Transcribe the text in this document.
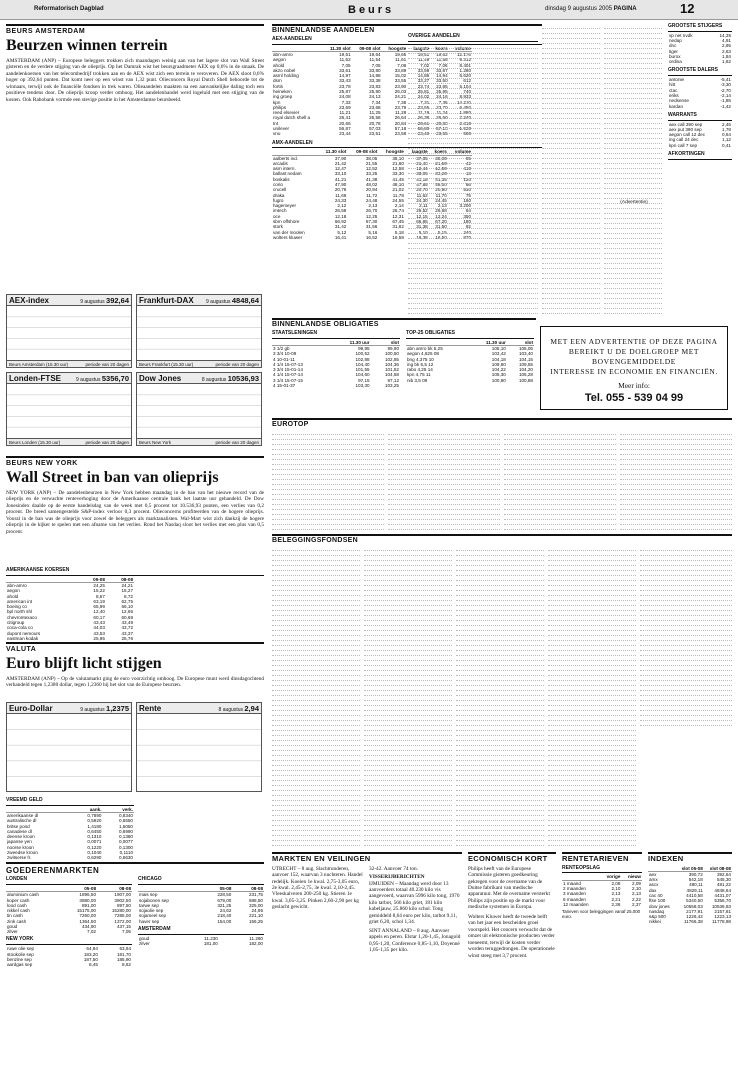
Reformatorisch Dagblad	Beurs	dinsdag 9 augustus 2005 PAGINA	12
BEURS AMSTERDAM
Beurzen winnen terrein
AMSTERDAM (ANP) – Europese beleggers trokken zich maandagen weinig aan van het lagere slot van Wall Street gisteren en de verdere stijging van de olieprijs. Op het Damrak wist het beursgraadmeter AEX op 0,6% in de smaak. De aandelenkoersen van het telecombedrijf trokken aan en de AEX wist zich een terrein te veroveren. De AEX sloot 0,6% hoger op 392,64 punten. Dat komt neer op een winst van 1,32 punt. Olieconcern Royal Dutch Shell behoorde tot de winnaars, terwijl ook de financiële fondsen in trek waren. Olieaandelen maakten na een aanvankelijke daling toch een positieve tendens door. De olieprijs kroop verder omhoog. Het aandelenhandel werd ingeluid met een stijging van de kosten. Ook Rabobank vormde een stevige positie in het Amsterdamse beursbeeld.
AEX-index	9 augustus 392,64
Beurs Amsterdam (15.30 uur)	periode van 20 dagen
Frankfurt-DAX 9 augustus 4848,64
Beurs Frankfurt (15.30 uur)	periode van 20 dagen
Londen-FTSE	9 augustus 5356,70
Beurs Londen (15.30 uur)	periode van 20 dagen
Dow Jones	8 augustus 10536,93
Beurs New York	periode van 20 dagen
BEURS NEW YORK
Wall Street in ban van olieprijs
NEW YORK (ANP) – De aandelenbeurzen in New York hebben maandag in de ban van het nieuwe record van de olieprijs en de verwachte renteverhoging door de Amerikaanse centrale bank het laatste uur gehandeld. De Dow Jonesindex daalde op de eerste handelsdag van de week met 0,5 procent tot 10.536,93 punten, een verlies van 0,2 procent. De breed samengestelde S&P-index verloor 0,3 procent. Olieconcerns profiteerden van de hogere olieprijs. Vooral in de ban was de olieprijs voor zowel de beleggers als marktanalisten. Wal-Mart wist zich dankzij de hogere olieprijs in de kijker te spelen met een afname van het verlies. Rond het Nasdaq sloot het verlies met een plus van 0,5 procent.
AMERIKAANSE KOERSEN
	05-08	08-08
abn-amro	24,25	24,21
aegon	15,22	15,27
ahold	8,67	8,72
american int	63,19	62,75
boeing co	65,99	66,10
bpl north shl	12,40	12,65
chevrontexaco	60,17	60,68
citigroup	43,43	43,49
coca-cola co	44,03	43,72
dupont nemours	43,53	43,37
eastman kodak	25,95	25,76
VALUTA
Euro blijft licht stijgen
AMSTERDAM (ANP) – Op de valutamarkt ging de euro voorzichtig omhoog. De Europese munt werd dinsdagochtend verhandeld tegen 1,2380 dollar, tegen 1,2360 bij het slot van de Europese beurzen.
Euro-Dollar	9 augustus 1,2375 Rente	8 augustus 2,94
VREEMD GELD
	aank.	verk.
amerikaanse dl	0,7890	0,8340
australische dl	0,5920	0,6550
britse pond	1,4180	1,5050
canadese dl	0,6450	0,6990
deense kroon	0,1310	0,1380
japanse yen	0,0071	0,0077
noorse kroon	0,1220	0,1300
zweedse kroon	0,1040	0,1110
zwitserse fr.	0,6290	0,6630
GOEDERENMARKTEN
LONDEN
	05-08	08-08
aluminium cash	1896,50	1907,00
koper cash	3880,00	3902,50
lood cash	891,00	897,50
nikkel cash	15175,00	15280,00
tin cash	7260,00	7285,00
zink cash	1364,50	1372,00
goud	434,90	437,15
zilver	7,02	7,05
NEW YORK
ruwe olie sep	64,94	63,94
stookolie sep	183,20	181,70
benzine sep	187,50	185,90
aardgas sep	8,45	8,62
CHICAGO
	05-08	08-08
mais sep	228,50	231,75
sojabonen sep	679,00	688,50
tarwe sep	321,25	325,00
sojaolie sep	24,62	24,95
sojameel sep	218,40	221,10
haver sep	154,00	156,25
AMSTERDAM
goud	11.230	11.260
zilver	181,00	182,00
BINNENLANDSE AANDELEN
AEX-AANDELEN
	11.30 slot	09-08 slot	hoogste	laagste	koers	volume
abn-amro	19,51	19,64	19,65	19,51	19,62	12.176
aegon	11,52	11,54	11,61	11,49	11,56	9.312
ahold	7,05	7,05	7,08	7,02	7,06	8.401
akzo nobel	33,61	33,80	33,89	33,59	33,87	1.280
asml holding	14,97	14,88	15,02	14,86	14,94	6.620
dsm	33,43	33,38	33,55	33,27	33,50	612
fortis	23,78	23,83	23,90	23,74	23,85	5.104
heineken	25,87	25,90	26,03	25,81	25,95	740
ing groep	24,08	24,13	24,21	24,02	24,16	8.933
kpn	7,33	7,34	7,38	7,31	7,35	14.210
philips	23,59	23,68	23,79	23,55	23,70	6.450
reed elsevier	11,21	11,25	11,28	11,19	11,24	1.880
royal dutch shell a	26,41	26,58	26,64	26,38	26,60	7.240
tnt	20,66	20,78	20,84	20,61	20,80	2.310
unilever	56,87	57,03	57,18	56,80	57,10	1.920
vnu	23,44	23,51	23,58	23,40	23,55	980
AMX-AANDELEN
	11.30 slot	09-08 slot	hoogste	laagste	koers	volume
aalberts ind.	37,90	38,05	38,10	37,85	38,00	95
arcadis	21,42	21,55	21,60	21,40	21,50	42
asm intern.	12,47	12,52	12,58	12,44	12,50	410
ballast nedam	33,10	33,25	33,30	33,05	33,20	18
boskalis	41,21	41,38	41,45	41,18	41,35	120
corio	47,90	48,02	48,10	47,85	48,00	86
crucell	20,76	20,94	21,02	20,70	20,90	530
draka	11,66	11,72	11,78	11,62	11,70	75
fugro	24,33	24,48	24,55	24,30	24,45	160
hagemeyer	2,12	2,13	2,14	2,11	2,13	3.200
imtech	26,58	26,70	26,74	26,52	26,68	64
oce	12,18	12,25	12,31	12,15	12,24	350
sbm offshore	66,92	67,30	67,45	66,85	67,20	180
stork	31,42	31,56	31,62	31,38	31,50	92
van der moolen	5,12	5,16	5,18	5,10	5,15	240
wolters kluwer	16,41	16,52	16,58	16,38	16,50	870
OVERIGE AANDELEN
(Advertentie)
GROOTSTE STIJGERS
vp net nvdk	14,35
nedap	4,91
dnc	2,85
tiger	2,63
burox	1,84
ordina	1,62
GROOTSTE DALERS
antonie	-5,41
hitt	-3,30
ctac	-2,70
eriks	-2,14
nedsense	-1,85
kardan	-1,42
WARRANTS
aex call 390 sep	2,45
aex put 390 sep	1,78
aegon call 12 dec	0,64
ing call 24 dec	1,12
kpn call 7 sep	0,41
AFKORTINGEN
BINNENLANDSE OBLIGATIES
STAATSLENINGEN
	11.30 uur	slot
3 1/2 gb	99,95	99,90
3 3/4 10-09	100,52	100,50
4 10-01-11	102,88	102,85
4 1/4 15-07-13	104,40	104,36
3 3/4 15-01-14	101,55	101,52
4 1/4 15-07-14	104,60	104,58
3 1/4 15-07-15	97,15	97,12
4 15-01-37	103,30	103,25
TOP-25 OBLIGATIES
	11.30 uur	slot
abn amro bk 5,25	105,10	105,05
aegon 4,625 08	103,42	103,40
bng 4,375 10	104,18	104,15
ing bk 5,5 12	109,60	109,55
rabo 4,25 14	104,22	104,20
kpn 4,75 11	105,30	105,28
nib 3,5 09	100,90	100,88
MET EEN ADVERTENTIE OP DEZE PAGINA
BEREIKT U DE DOELGROEP MET BOVENGEMIDDELDE
INTERESSE IN ECONOMIE EN FINANCIËN.
Meer info:
Tel. 055 - 539 04 99
EUROTOP
BELEGGINGSFONDSEN
MARKTEN EN VEILINGEN

UTRECHT – 8 aug. Slachtrunderen, aanvoer 152, waarvan 3 nuchteren. Handel redelijk. Koeien 1e kwal. 2,75-3,05 euro, 2e kwal. 2,45-2,75, 3e kwal. 2,10-2,45. Vleeskalveren 200-250 kg. Stieren 1e kwal. 3,05-3,25. Pinken 2,60-2,90 per kg geslacht gewicht.

32-42. Aanvoer 74 ton.

VISSERIJBERICHTEN

IJMUIDEN – Maandag werd door 13 aanvoerders totaal 40.230 kilo vis aangevoerd, waarvan 5996 kilo tong, 1970 kilo tarbot, 566 kilo griet, 181 kilo kabeljauw, 25.860 kilo schol. Tong gemiddeld 8,64 euro per kilo, tarbot 9,11, griet 6,20, schol 1,34.

SINT ANNALAND – 8 aug. Aanvoer appels en peren. Elstar 1,20-1,45, Jonagold 0,95-1,20, Conference 0,85-1,10, Doyenné 1,05-1,35 per kilo.

ECONOMISCH KORT

Philips heeft van de Europese Commissie gisteren goedkeuring gekregen voor de overname van de Duitse fabrikant van medische apparatuur. Met de overname versterkt Philips zijn positie op de markt voor medische systemen in Europa.

Wolters Kluwer heeft de tweede helft van het jaar een bescheiden groei voorspeld. Het concern verwacht dat de omzet uit elektronische producten verder toeneemt, terwijl de kosten verder worden teruggedrongen. De operationele winst steeg met 3,7 procent.

RENTETARIEVEN
RENTEOPSLAG
	vorige	nieuw
1 maand	2,08	2,09
2 maanden	2,10	2,10
3 maanden	2,13	2,13
6 maanden	2,21	2,22
12 maanden	2,36	2,37
Tarieven voor beleggingen vanaf 25.000 euro.
INDEXEN
	slot 05-08	slot 08-08
aex	390,72	392,64
amx	542,18	545,30
ascx	480,11	481,22
dax	4829,11	4848,64
cac 40	4410,58	4431,07
ftse 100	5340,50	5356,70
dow jones	10558,03	10536,93
nasdaq	2177,91	2157,81
s&p 500	1226,42	1223,13
nikkei	11766,38	11778,98
